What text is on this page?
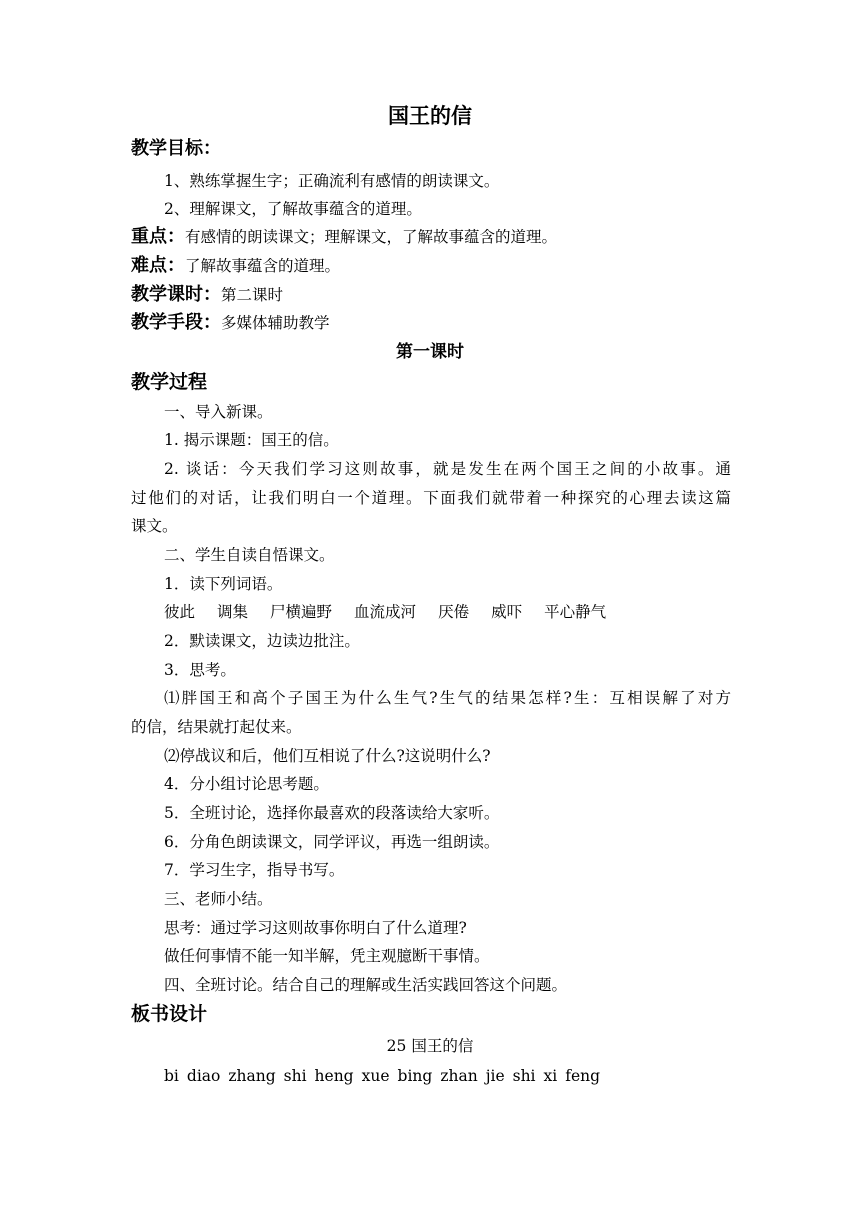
国王的信
教学目标：
1、熟练掌握生字；正确流利有感情的朗读课文。
2、理解课文，了解故事蕴含的道理。
重点：有感情的朗读课文；理解课文，了解故事蕴含的道理。
难点：了解故事蕴含的道理。
教学课时：第二课时
教学手段：多媒体辅助教学
第一课时
教学过程
一、导入新课。
1. 揭示课题：国王的信。
2. 谈话：今天我们学习这则故事，就是发生在两个国王之间的小故事。通
过他们的对话，让我们明白一个道理。下面我们就带着一种探究的心理去读这篇
课文。
二、学生自读自悟课文。
1．读下列词语。
彼此 调集 尸横遍野 血流成河 厌倦 威吓 平心静气
2．默读课文，边读边批注。
3．思考。
⑴胖国王和高个子国王为什么生气?生气的结果怎样?生：互相误解了对方
的信，结果就打起仗来。
⑵停战议和后，他们互相说了什么?这说明什么?
4．分小组讨论思考题。
5．全班讨论，选择你最喜欢的段落读给大家听。
6．分角色朗读课文，同学评议，再选一组朗读。
7．学习生字，指导书写。
三、老师小结。
思考：通过学习这则故事你明白了什么道理?
做任何事情不能一知半解，凭主观臆断干事情。
四、全班讨论。结合自己的理解或生活实践回答这个问题。
板书设计
25 国王的信
bi diao zhang shi heng xue bing zhan jie shi xi feng
